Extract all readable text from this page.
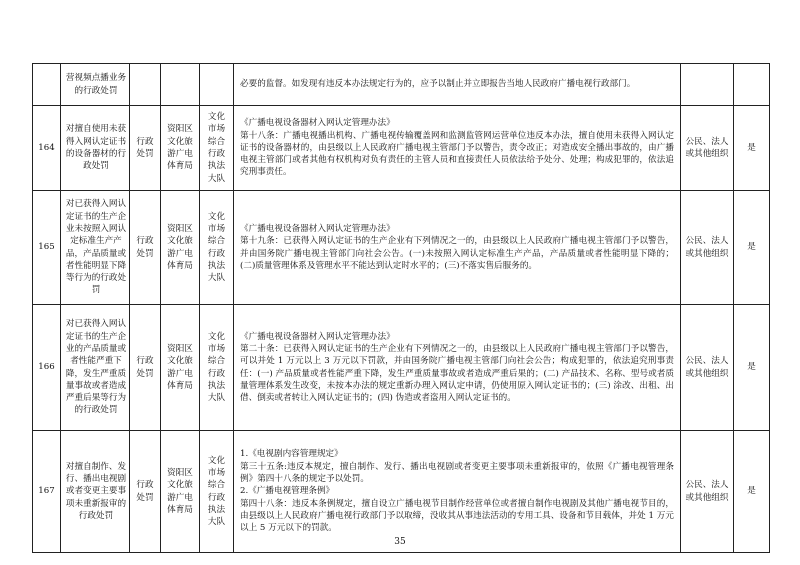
	营视频点播业务的行政处罚				必要的监督。如发现有违反本办法规定行为的，应予以制止并立即报告当地人民政府广播电视行政部门。		

164	对擅自使用未获得入网认定证书的设备器材的行政处罚	行政处罚	资阳区文化旅游广电体育局	文化市场综合行政执法大队	《广播电视设备器材入网认定管理办法》
第十八条：广播电视播出机构、广播电视传输覆盖网和监测监管网运营单位违反本办法，擅自使用未获得入网认定证书的设备器材的，由县级以上人民政府广播电视主管部门予以警告，责令改正；对造成安全播出事故的，由广播电视主管部门或者其他有权机构对负有责任的主管人员和直接责任人员依法给予处分、处理；构成犯罪的，依法追究刑事责任。	公民、法人或其他组织	是
165	对已获得入网认定证书的生产企业未按照入网认定标准生产产品，产品质量或者性能明显下降等行为的行政处罚	行政处罚	资阳区文化旅游广电体育局	文化市场综合行政执法大队	《广播电视设备器材入网认定管理办法》
第十九条：已获得入网认定证书的生产企业有下列情况之一的，由县级以上人民政府广播电视主管部门予以警告，并由国务院广播电视主管部门向社会公告。(一)未按照入网认定标准生产产品，产品质量或者性能明显下降的；(二)质量管理体系及管理水平不能达到认定时水平的；(三)不落实售后服务的。	公民、法人或其他组织	是
166	对已获得入网认定证书的生产企业的产品质量或者性能严重下降，发生严重质量事故或者造成严重后果等行为的行政处罚	行政处罚	资阳区文化旅游广电体育局	文化市场综合行政执法大队	《广播电视设备器材入网认定管理办法》
第二十条：已获得入网认定证书的生产企业有下列情况之一的，由县级以上人民政府广播电视主管部门予以警告，可以并处 1 万元以上 3 万元以下罚款，并由国务院广播电视主管部门向社会公告；构成犯罪的，依法追究刑事责任：(一) 产品质量或者性能严重下降，发生严重质量事故或者造成严重后果的；(二) 产品技术、名称、型号或者质量管理体系发生改变，未按本办法的规定重新办理入网认定申请，仍使用原入网认定证书的；(三) 涂改、出租、出借、倒卖或者转让入网认定证书的；(四) 伪造或者盗用入网认定证书的。	公民、法人或其他组织	是
167	对擅自制作、发行、播出电视剧或者变更主要事项未重新报审的行政处罚	行政处罚	资阳区文化旅游广电体育局	文化市场综合行政执法大队	1.《电视剧内容管理规定》
第三十五条:违反本规定，擅自制作、发行、播出电视剧或者变更主要事项未重新报审的，依照《广播电视管理条例》第四十八条的规定予以处罚。
2.《广播电视管理条例》
第四十八条：违反本条例规定，擅自设立广播电视节目制作经营单位或者擅自制作电视剧及其他广播电视节目的，由县级以上人民政府广播电视行政部门予以取缔，没收其从事违法活动的专用工具、设备和节目载体，并处 1 万元以上 5 万元以下的罚款。	公民、法人或其他组织	是
35
